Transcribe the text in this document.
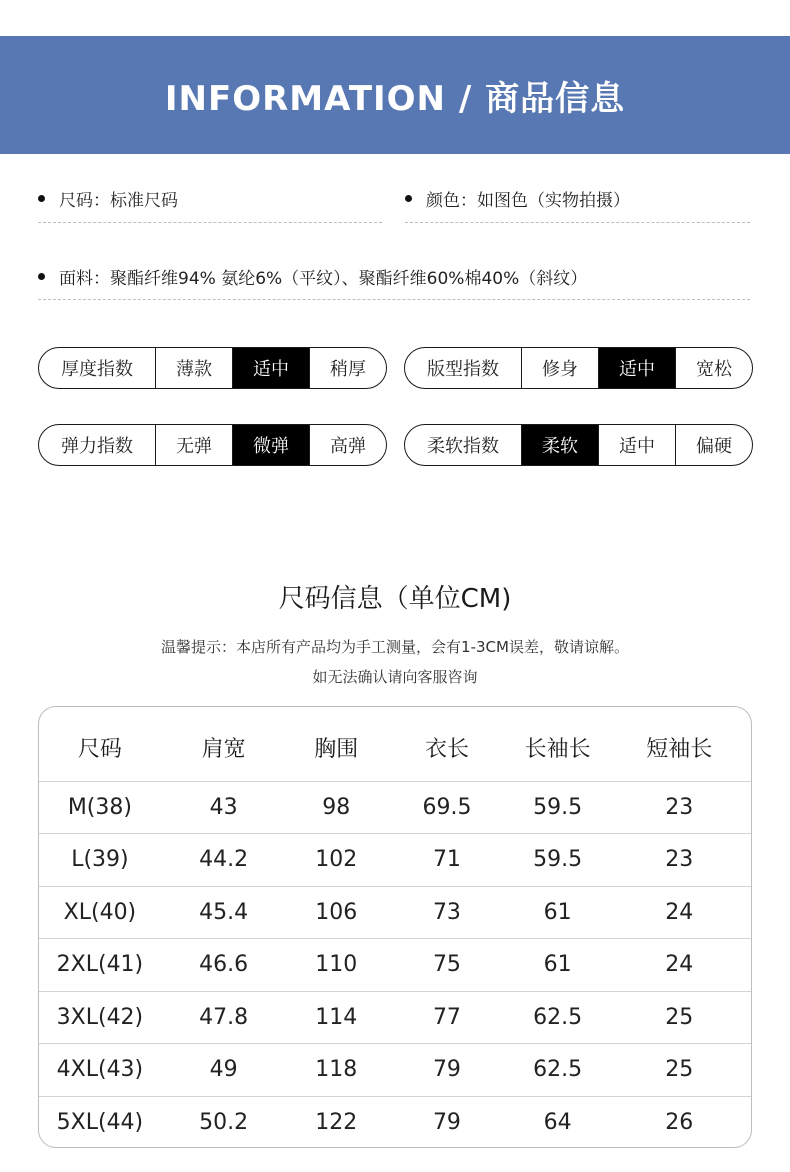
INFORMATION / 商品信息
尺码：标准尺码	颜色：如图色（实物拍摄）
面料：聚酯纤维94% 氨纶6%（平纹）、聚酯纤维60%棉40%（斜纹）
厚度指数	薄款	适中	稍厚	版型指数	修身	适中	宽松
弹力指数	无弹	微弹	高弹	柔软指数	柔软	适中	偏硬
尺码信息（单位CM)
温馨提示：本店所有产品均为手工测量，会有1-3CM误差，敬请谅解。
如无法确认请向客服咨询
尺码	肩宽	胸围	衣长	长袖长	短袖长
M(38)	43	98	69.5	59.5	23
L(39)	44.2	102	71	59.5	23
XL(40)	45.4	106	73	61	24
2XL(41)	46.6	110	75	61	24
3XL(42)	47.8	114	77	62.5	25
4XL(43)	49	118	79	62.5	25
5XL(44)	50.2	122	79	64	26
